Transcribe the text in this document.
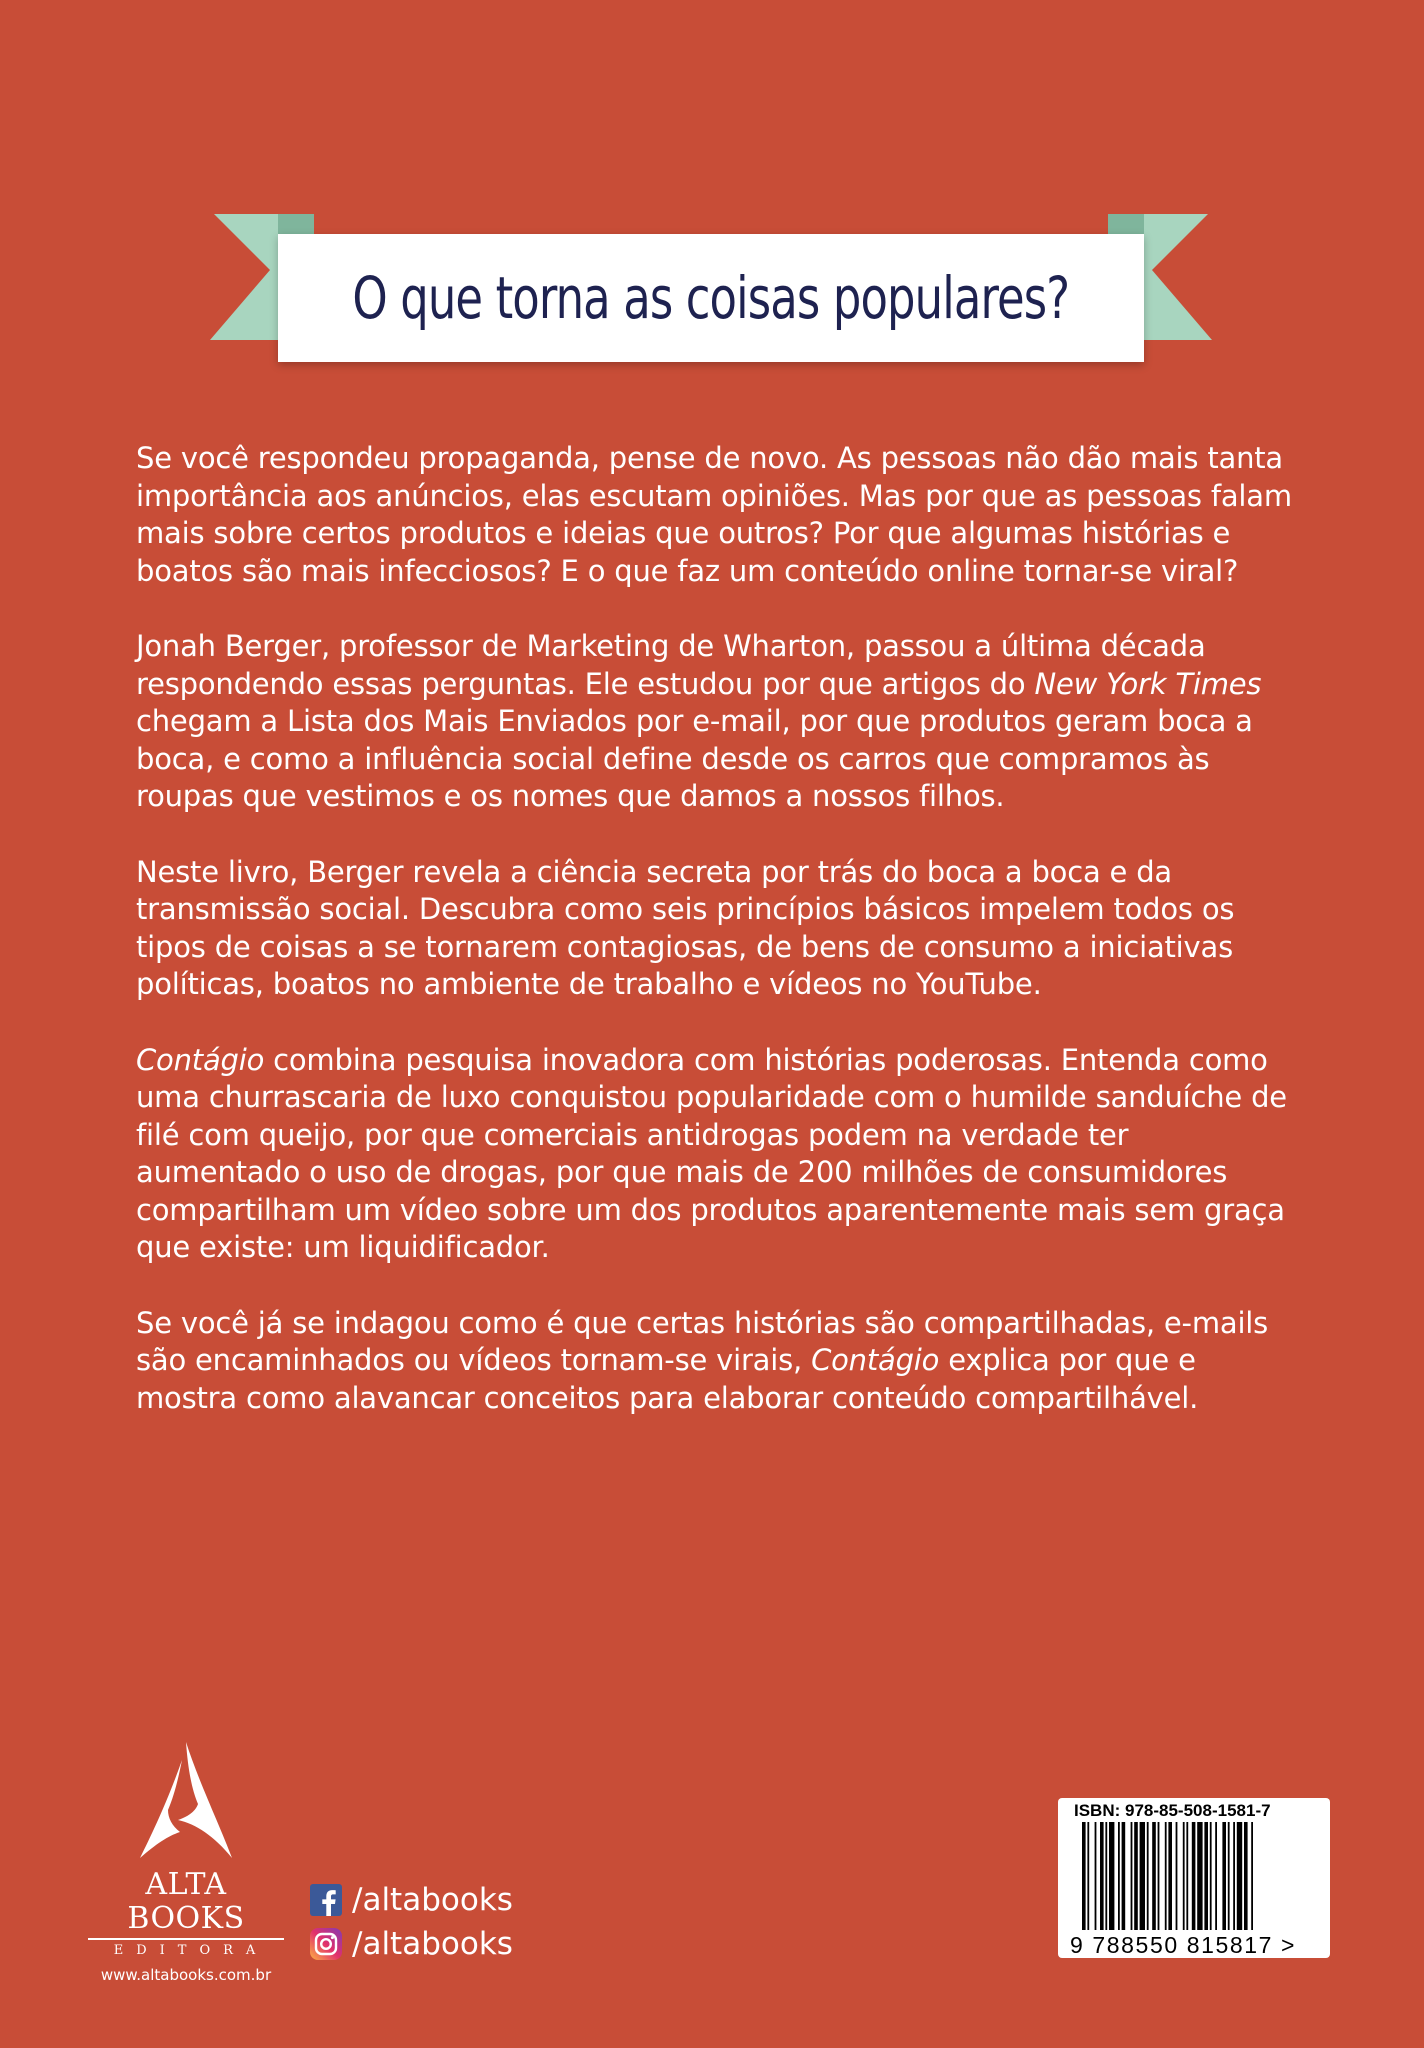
O que torna as coisas populares?

Se você respondeu propaganda, pense de novo. As pessoas não dão mais tanta importância aos anúncios, elas escutam opiniões. Mas por que as pessoas falam mais sobre certos produtos e ideias que outros? Por que algumas histórias e boatos são mais infecciosos? E o que faz um conteúdo online tornar-se viral?

Jonah Berger, professor de Marketing de Wharton, passou a última década respondendo essas perguntas. Ele estudou por que artigos do New York Times chegam a Lista dos Mais Enviados por e-mail, por que produtos geram boca a boca, e como a influência social define desde os carros que compramos às roupas que vestimos e os nomes que damos a nossos filhos.

Neste livro, Berger revela a ciência secreta por trás do boca a boca e da transmissão social. Descubra como seis princípios básicos impelem todos os tipos de coisas a se tornarem contagiosas, de bens de consumo a iniciativas políticas, boatos no ambiente de trabalho e vídeos no YouTube.

Contágio combina pesquisa inovadora com histórias poderosas. Entenda como uma churrascaria de luxo conquistou popularidade com o humilde sanduíche de filé com queijo, por que comerciais antidrogas podem na verdade ter aumentado o uso de drogas, por que mais de 200 milhões de consumidores compartilham um vídeo sobre um dos produtos aparentemente mais sem graça que existe: um liquidificador.

Se você já se indagou como é que certas histórias são compartilhadas, e-mails são encaminhados ou vídeos tornam-se virais, Contágio explica por que e mostra como alavancar conceitos para elaborar conteúdo compartilhável.

ALTA BOOKS
EDITORA
www.altabooks.com.br
/altabooks
/altabooks
ISBN: 978-85-508-1581-7
9 788550 815817 >
